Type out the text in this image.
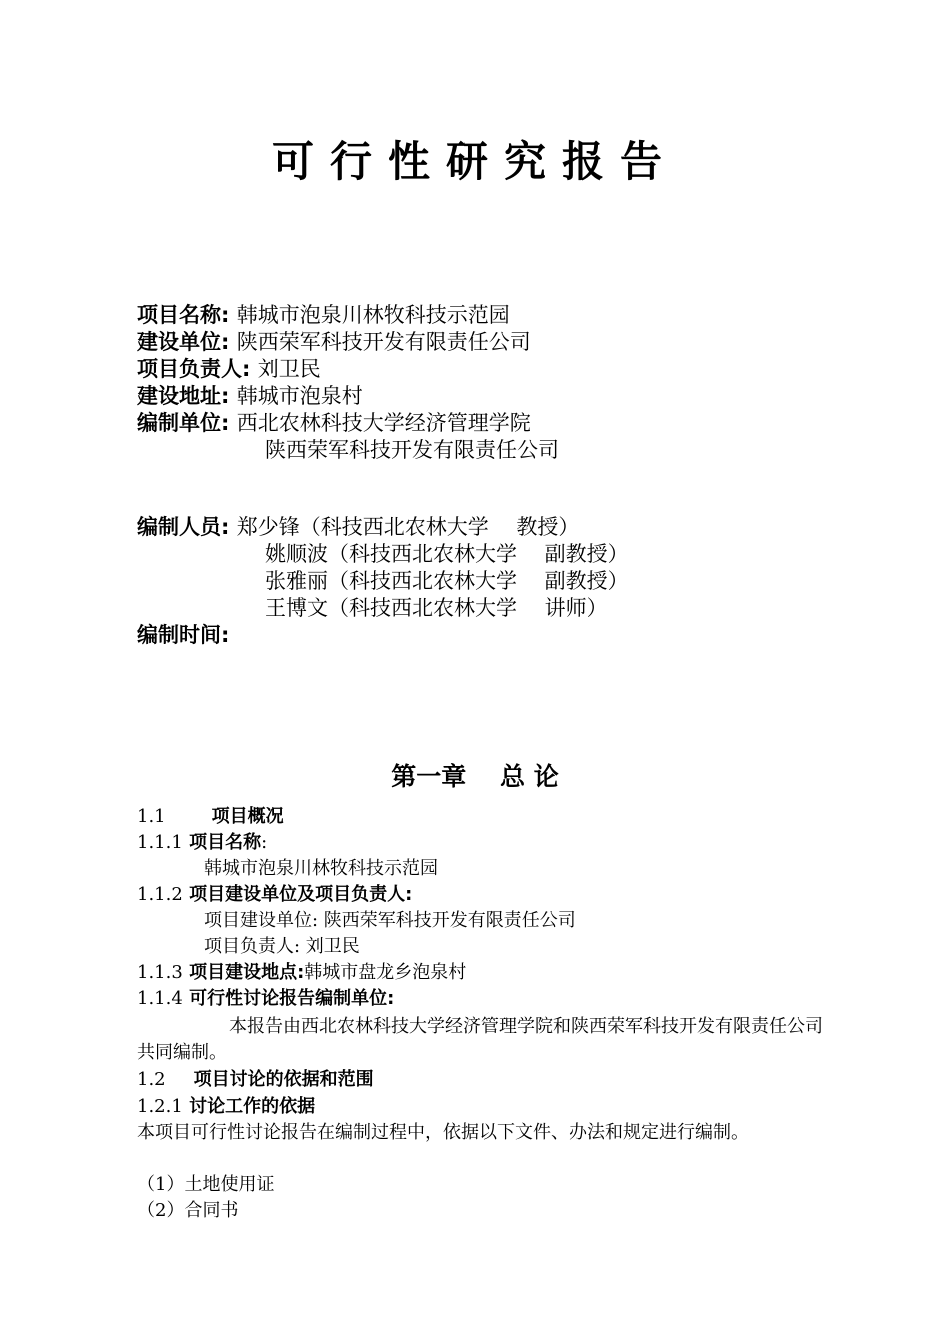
可行性研究报告
项目名称: 韩城市泡泉川林牧科技示范园
建设单位: 陕西荣军科技开发有限责任公司
项目负责人: 刘卫民
建设地址: 韩城市泡泉村
编制单位: 西北农林科技大学经济管理学院
陕西荣军科技开发有限责任公司
编制人员: 郑少锋（科技西北农林大学　 教授）
姚顺波（科技西北农林大学　 副教授）
张雅丽（科技西北农林大学　 副教授）
王博文（科技西北农林大学　 讲师）
编制时间:
第一章　 总 论
1.1	项目概况
1.1.1 项目名称:
韩城市泡泉川林牧科技示范园
1.1.2 项目建设单位及项目负责人:
项目建设单位: 陕西荣军科技开发有限责任公司
项目负责人: 刘卫民
1.1.3 项目建设地点:韩城市盘龙乡泡泉村
1.1.4 可行性讨论报告编制单位:
本报告由西北农林科技大学经济管理学院和陕西荣军科技开发有限责任公司共同编制。
1.2 项目讨论的依据和范围
1.2.1 讨论工作的依据
本项目可行性讨论报告在编制过程中，依据以下文件、办法和规定进行编制。
（1）土地使用证
（2）合同书
